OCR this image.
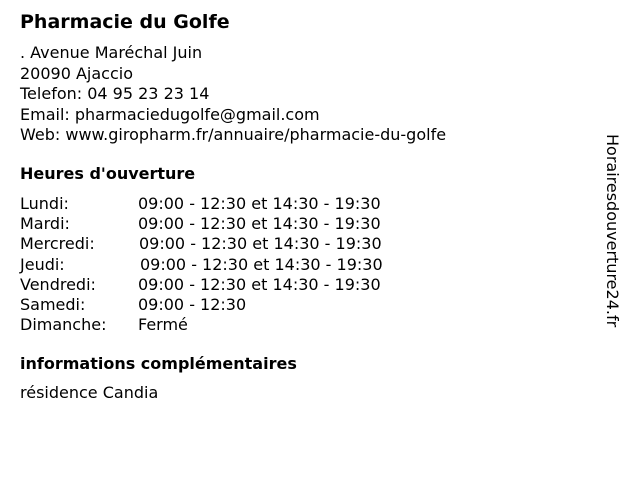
Pharmacie du Golfe
. Avenue Maréchal Juin
20090 Ajaccio
Telefon: 04 95 23 23 14
Email: pharmaciedugolfe@gmail.com
Web: www.giropharm.fr/annuaire/pharmacie-du-golfe
Heures d'ouverture
Lundi:	09:00 - 12:30 et 14:30 - 19:30
Mardi:	09:00 - 12:30 et 14:30 - 19:30
Mercredi:	09:00 - 12:30 et 14:30 - 19:30
Jeudi:	09:00 - 12:30 et 14:30 - 19:30
Vendredi:	09:00 - 12:30 et 14:30 - 19:30
Samedi:	09:00 - 12:30
Dimanche: Fermé
informations complémentaires
résidence Candia
Horairesdouverture24.fr
